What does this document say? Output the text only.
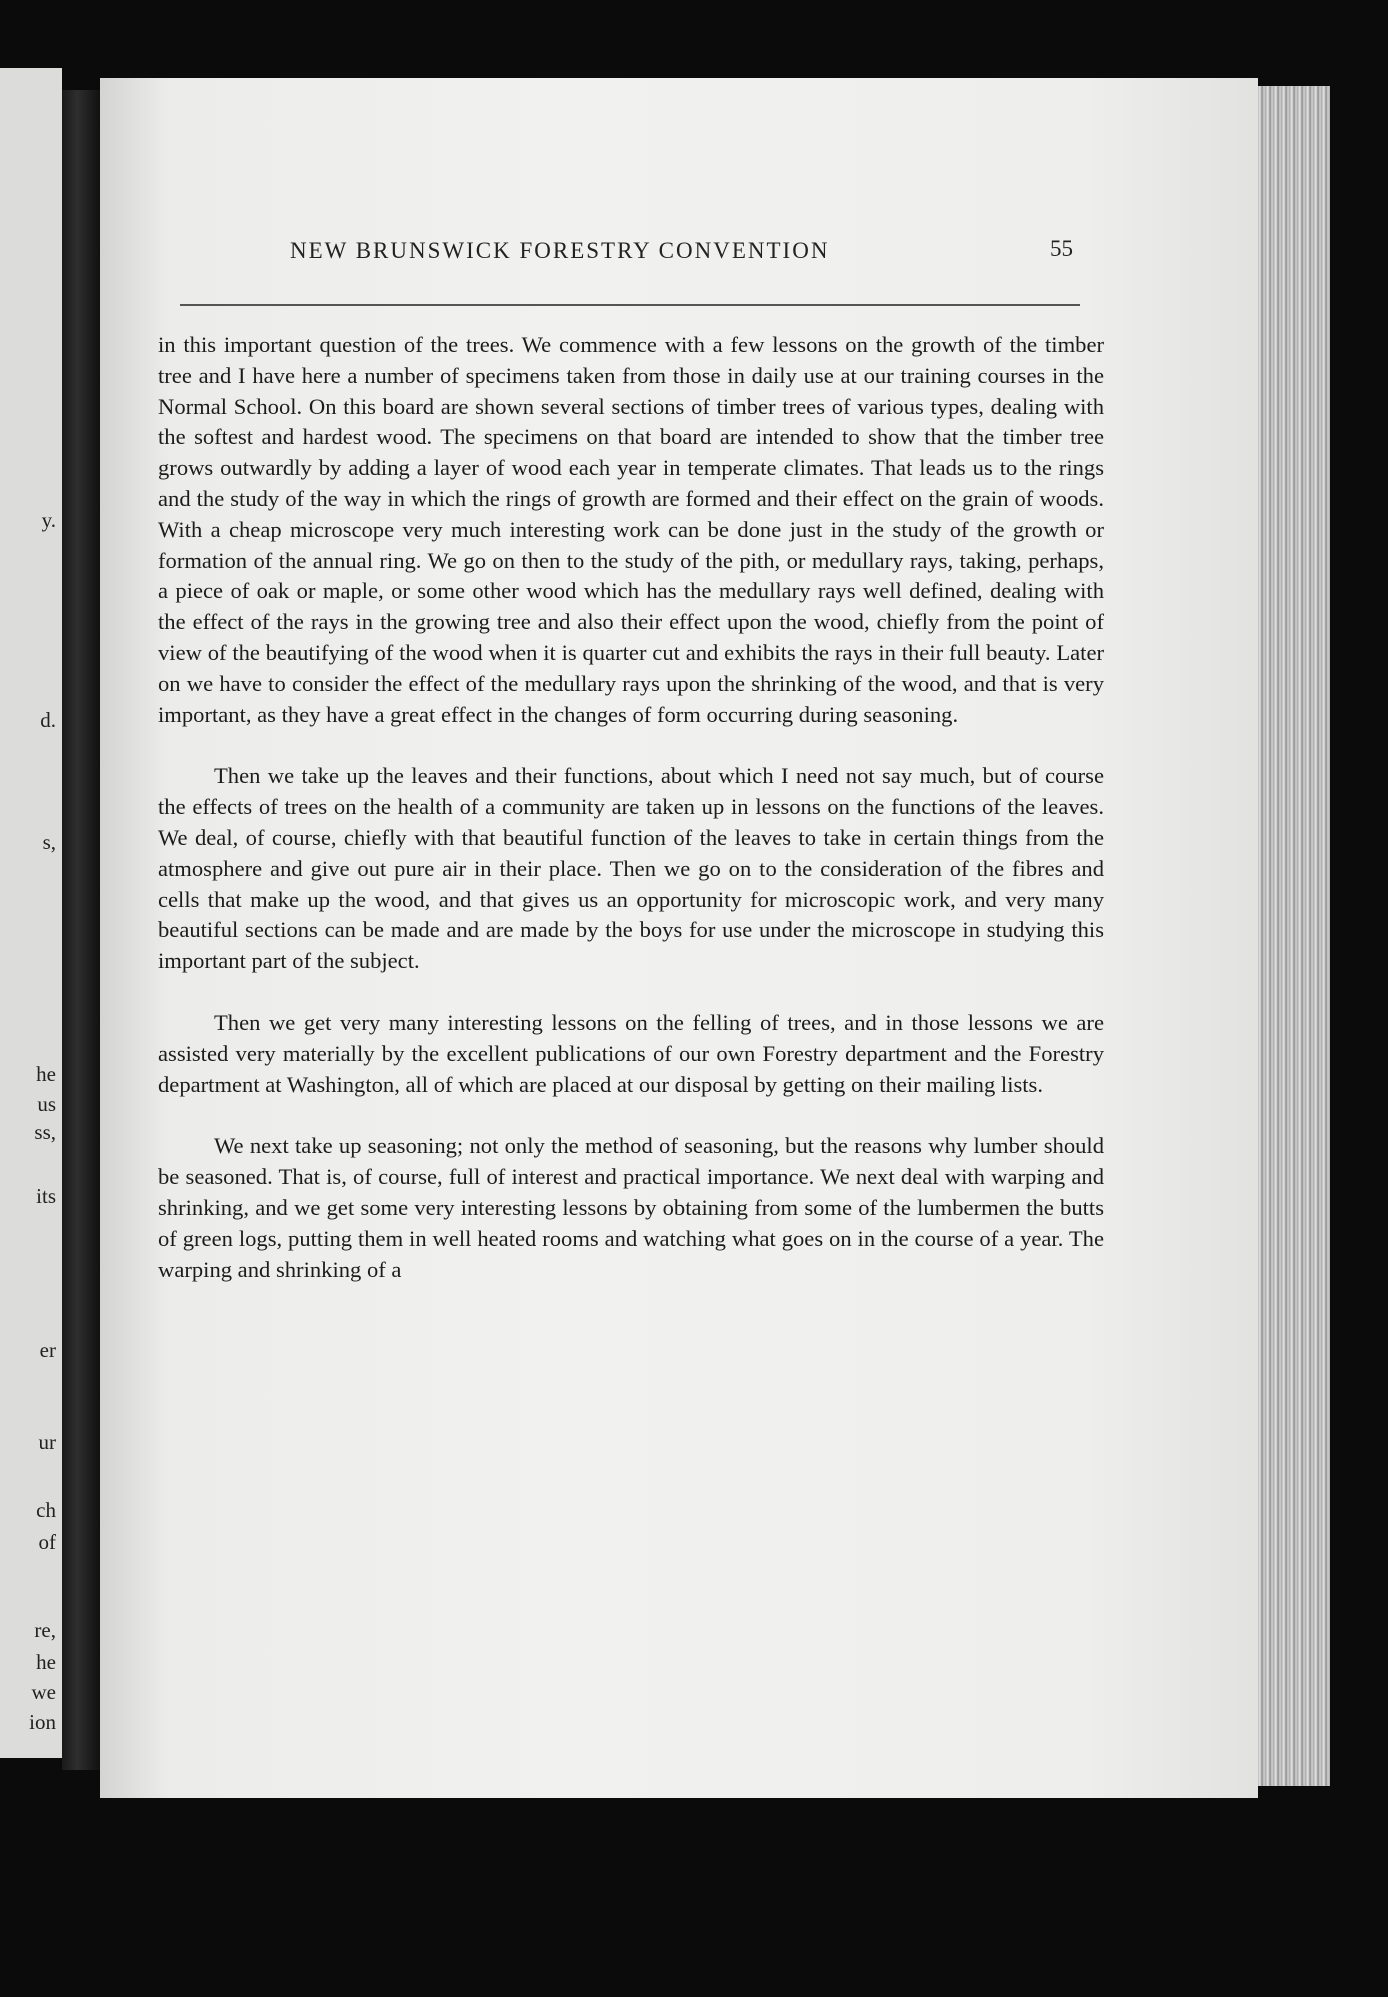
y.
d.
s,
he
us
ss,
its
er
ur
ch
of
re,
he
we
ion
NEW BRUNSWICK FORESTRY CONVENTION	55

in this important question of the trees. We commence with a few lessons on the growth of the timber tree and I have here a number of specimens taken from those in daily use at our training courses in the Normal School. On this board are shown several sections of timber trees of various types, dealing with the softest and hardest wood. The specimens on that board are intended to show that the timber tree grows outwardly by adding a layer of wood each year in temperate climates. That leads us to the rings and the study of the way in which the rings of growth are formed and their effect on the grain of woods. With a cheap microscope very much interesting work can be done just in the study of the growth or formation of the annual ring. We go on then to the study of the pith, or medullary rays, taking, perhaps, a piece of oak or maple, or some other wood which has the medullary rays well defined, dealing with the effect of the rays in the growing tree and also their effect upon the wood, chiefly from the point of view of the beautifying of the wood when it is quarter cut and exhibits the rays in their full beauty. Later on we have to consider the effect of the medullary rays upon the shrinking of the wood, and that is very important, as they have a great effect in the changes of form occurring during seasoning.

Then we take up the leaves and their functions, about which I need not say much, but of course the effects of trees on the health of a community are taken up in lessons on the functions of the leaves. We deal, of course, chiefly with that beautiful function of the leaves to take in certain things from the atmosphere and give out pure air in their place. Then we go on to the consideration of the fibres and cells that make up the wood, and that gives us an opportunity for microscopic work, and very many beautiful sections can be made and are made by the boys for use under the microscope in studying this important part of the subject.

Then we get very many interesting lessons on the felling of trees, and in those lessons we are assisted very materially by the excellent publications of our own Forestry department and the Forestry department at Washington, all of which are placed at our disposal by getting on their mailing lists.

We next take up seasoning; not only the method of seasoning, but the reasons why lumber should be seasoned. That is, of course, full of interest and practical importance. We next deal with warping and shrinking, and we get some very interesting lessons by obtaining from some of the lumbermen the butts of green logs, putting them in well heated rooms and watching what goes on in the course of a year. The warping and shrinking of a
